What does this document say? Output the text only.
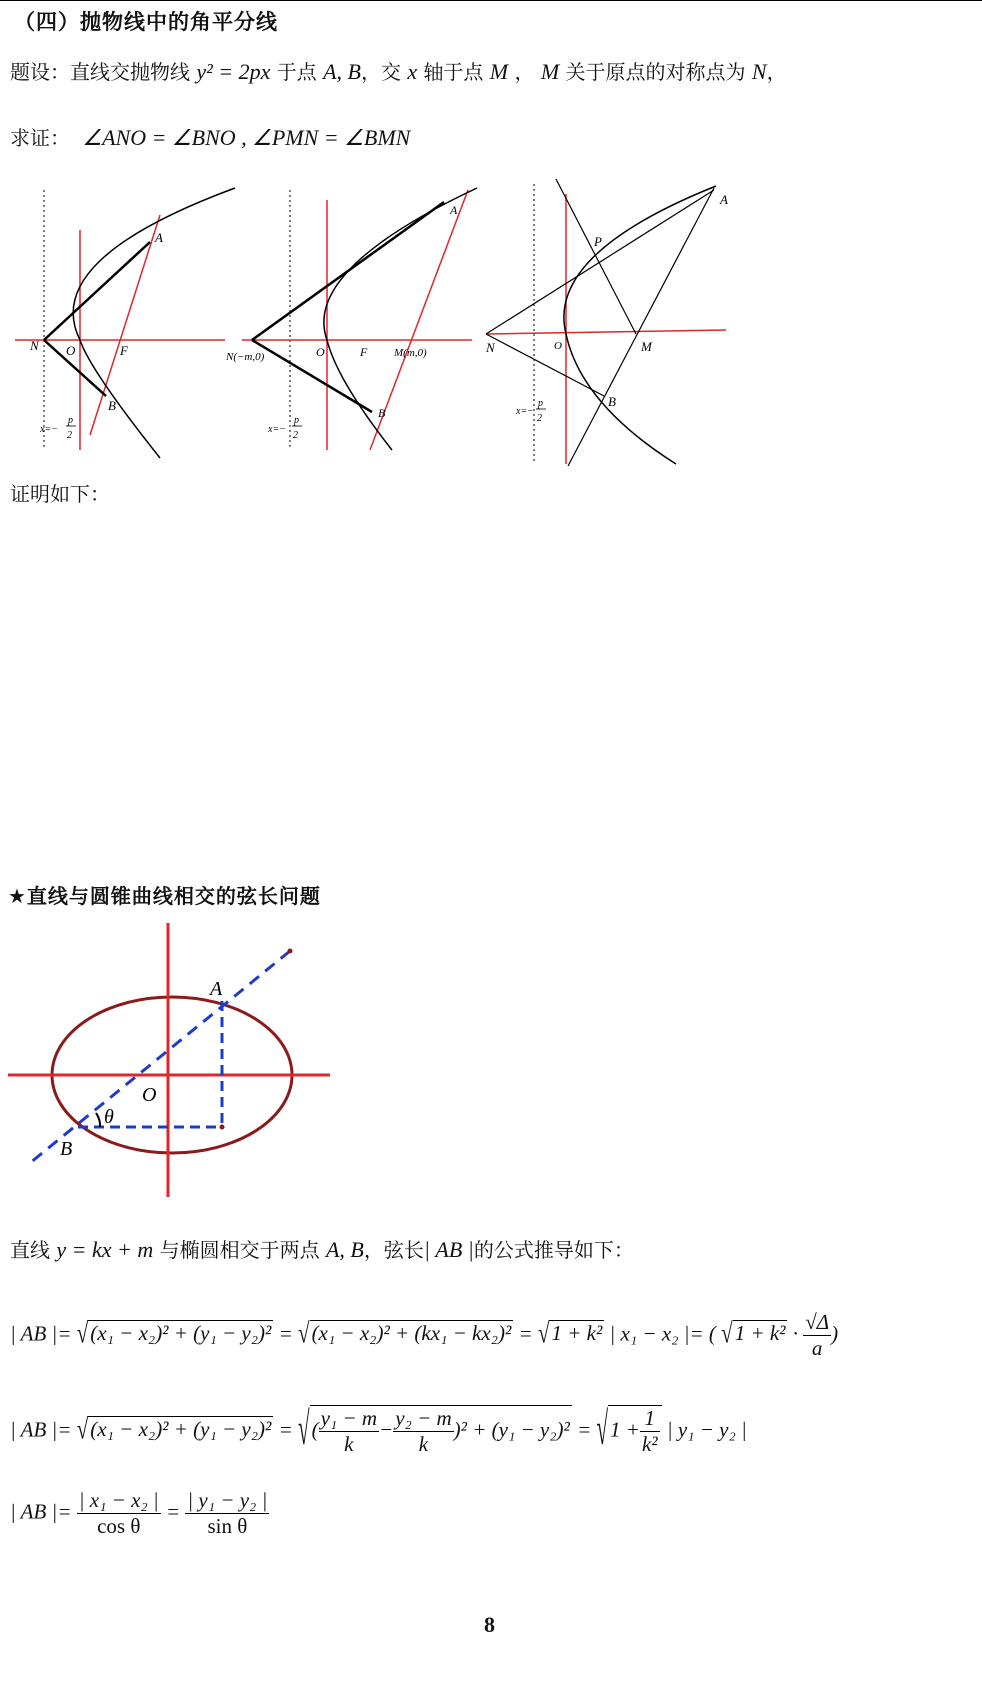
（四）抛物线中的角平分线
题设：直线交抛物线 y² = 2px 于点 A, B，交 x 轴于点 M ， M 关于原点的对称点为 N，
求证： ∠ANO = ∠BNO , ∠PMN = ∠BMN
A
B
N O	F
x=−
p
2
A
B
N(−m,0)	O	F M(m,0)
x=−
p
2
A
B
N	O	M
P
x=−
p
2
证明如下：
★直线与圆锥曲线相交的弦长问题
A
B
O
θ
直线 y = kx + m 与椭圆相交于两点 A, B，弦长| AB |的公式推导如下：
| AB |= √(x₁ − x₂)² + (y₁ − y₂)² = √(x₁ − x₂)² + (kx₁ − kx₂)² = √1 + k² | x₁ − x₂ |= ( $√1 + k^2 \cdot \frac{√\Delta}{a}$ )
| AB |= √(x₁ − x₂)² + (y₁ − y₂)² = √( $\frac{\text{y₁ − m}}{k} - \frac{\text{y₂ − m}}{k} )^2 + (y_1 - y_2)^2 = √1 + \frac{1}{\text{k²}}$ | y₁ − y₂ |
| AB |= $\frac{\text{| x₁ − x₂ |}}{\text{cos θ}} = \frac{\text{| y₁ − y₂ |}}{\text{sin θ}}$
8
